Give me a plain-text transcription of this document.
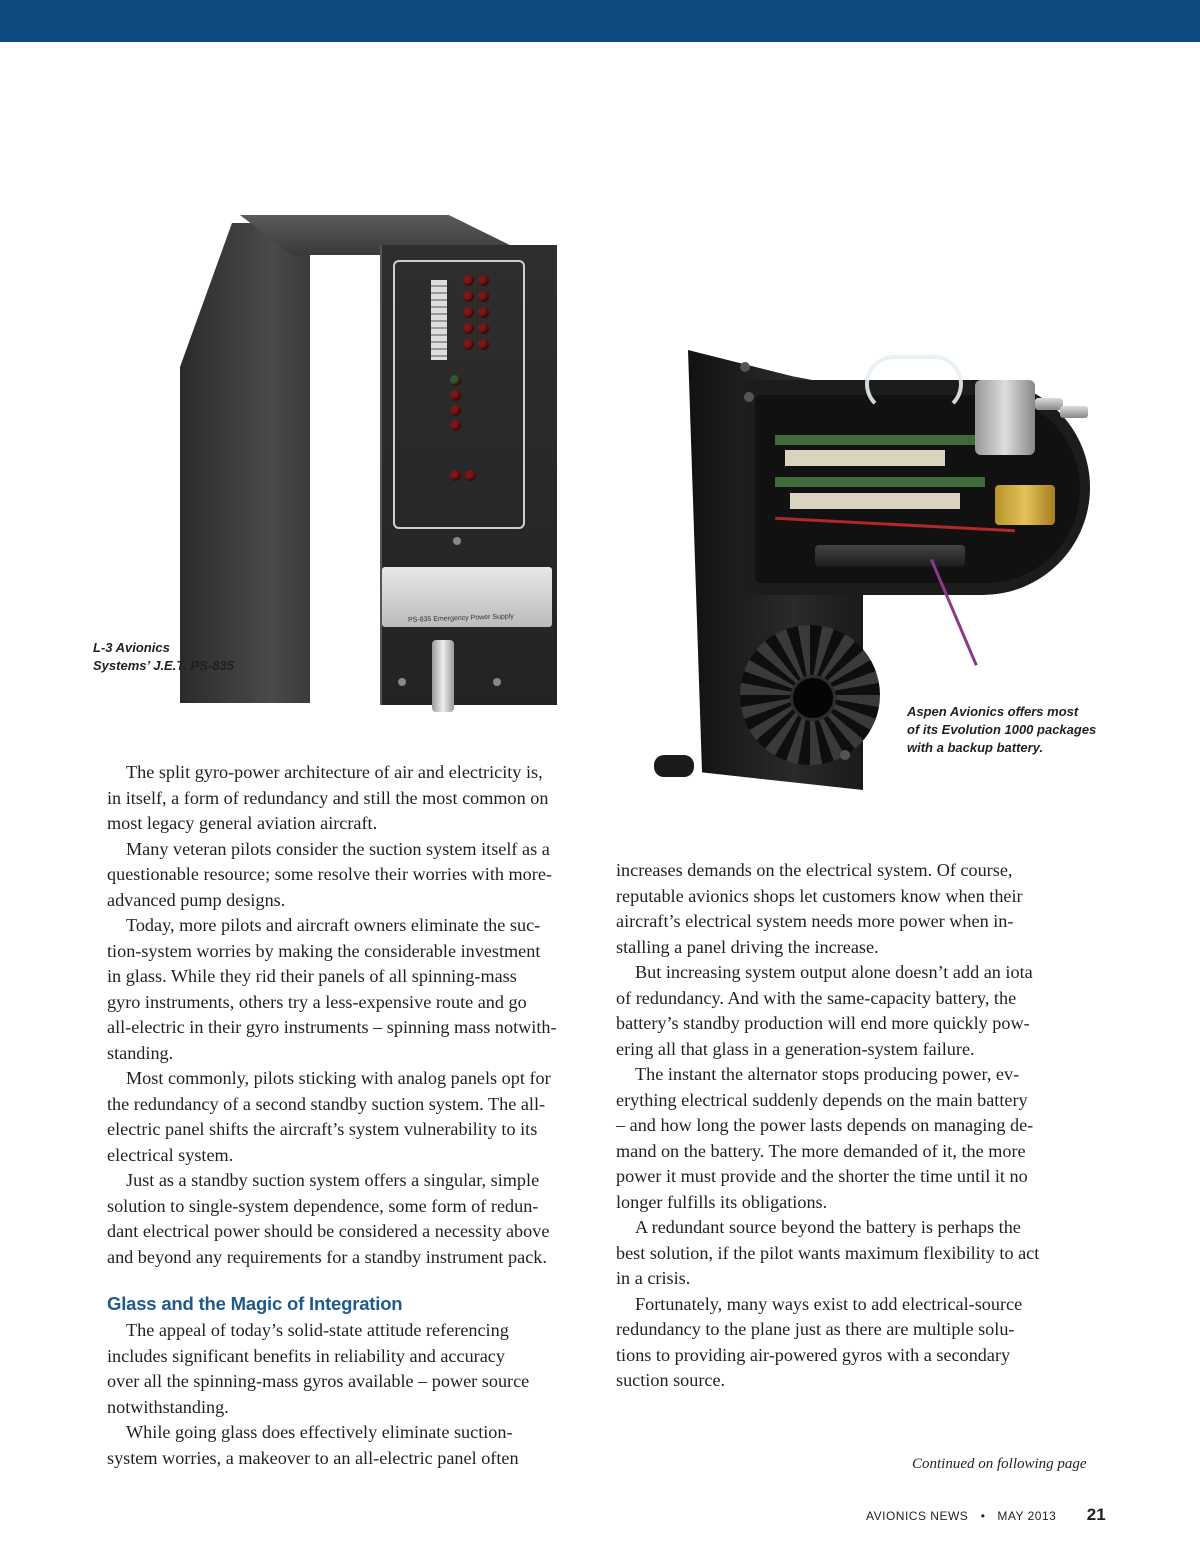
PS-835 Emergency Power Supply
L-3 Avionics
Systems’ J.E.T. PS-835
Aspen Avionics offers most
of its Evolution 1000 packages
with a backup battery.
The split gyro-power architecture of air and electricity is,
in itself, a form of redundancy and still the most common on
most legacy general aviation aircraft.
Many veteran pilots consider the suction system itself as a
questionable resource; some resolve their worries with more-
advanced pump designs.
Today, more pilots and aircraft owners eliminate the suc-
tion-system worries by making the considerable investment
in glass. While they rid their panels of all spinning-mass
gyro instruments, others try a less-expensive route and go
all-electric in their gyro instruments – spinning mass notwith-
standing.
Most commonly, pilots sticking with analog panels opt for
the redundancy of a second standby suction system. The all-
electric panel shifts the aircraft’s system vulnerability to its
electrical system.
Just as a standby suction system offers a singular, simple
solution to single-system dependence, some form of redun-
dant electrical power should be considered a necessity above
and beyond any requirements for a standby instrument pack.
Glass and the Magic of Integration
The appeal of today’s solid-state attitude referencing
includes significant benefits in reliability and accuracy
over all the spinning-mass gyros available – power source
notwithstanding.
While going glass does effectively eliminate suction-
system worries, a makeover to an all-electric panel often
increases demands on the electrical system. Of course,
reputable avionics shops let customers know when their
aircraft’s electrical system needs more power when in-
stalling a panel driving the increase.
But increasing system output alone doesn’t add an iota
of redundancy. And with the same-capacity battery, the
battery’s standby production will end more quickly pow-
ering all that glass in a generation-system failure.
The instant the alternator stops producing power, ev-
erything electrical suddenly depends on the main battery
– and how long the power lasts depends on managing de-
mand on the battery. The more demanded of it, the more
power it must provide and the shorter the time until it no
longer fulfills its obligations.
A redundant source beyond the battery is perhaps the
best solution, if the pilot wants maximum flexibility to act
in a crisis.
Fortunately, many ways exist to add electrical-source
redundancy to the plane just as there are multiple solu-
tions to providing air-powered gyros with a secondary
suction source.
Continued on following page
AVIONICS NEWS • MAY 2013 21
